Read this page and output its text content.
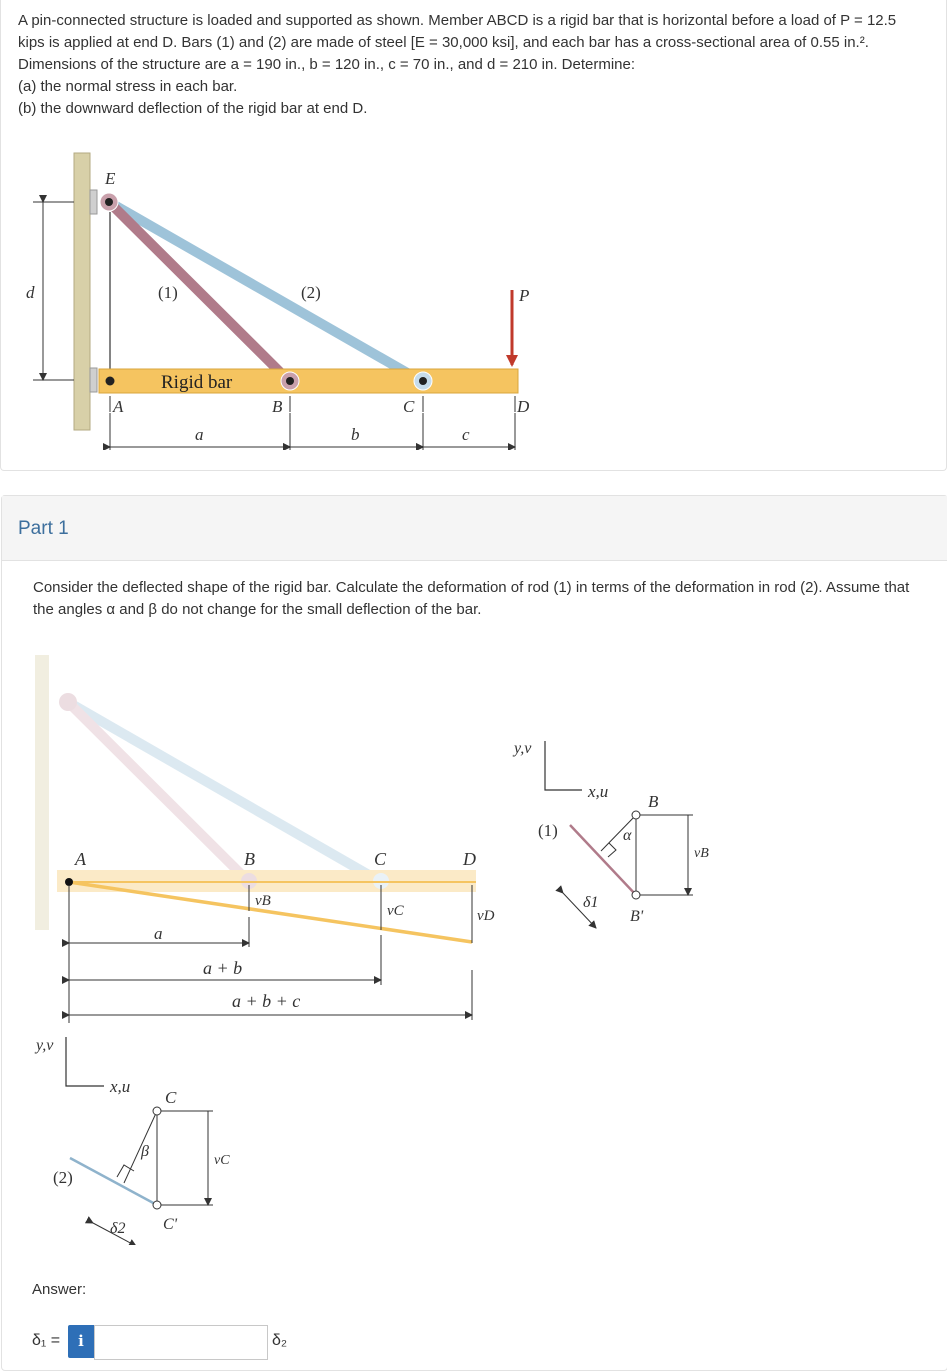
A pin-connected structure is loaded and supported as shown. Member ABCD is a rigid bar that is horizontal before a load of P = 12.5

kips is applied at end D. Bars (1) and (2) are made of steel [E = 30,000 ksi], and each bar has a cross-sectional area of 0.55 in.².

Dimensions of the structure are a = 190 in., b = 120 in., c = 70 in., and d = 210 in. Determine:

(a) the normal stress in each bar.

(b) the downward deflection of the rigid bar at end D.

d
Rigid bar
P
E
(1)	(2)
A	B	C	D
a	b	c
Part 1
Consider the deflected shape of the rigid bar. Calculate the deformation of rod (1) in terms of the deformation in rod (2). Assume that the angles α and β do not change for the small deflection of the bar.
A	B	C	D
vB
vC	vD
a
a + b
a + b + c
y,v
x,u
(1)
B
α
δ1
B'
vB
y,v
x,u
(2)
C
β
δ2 C'
vC
Answer:
δ₁ =	i	δ₂
